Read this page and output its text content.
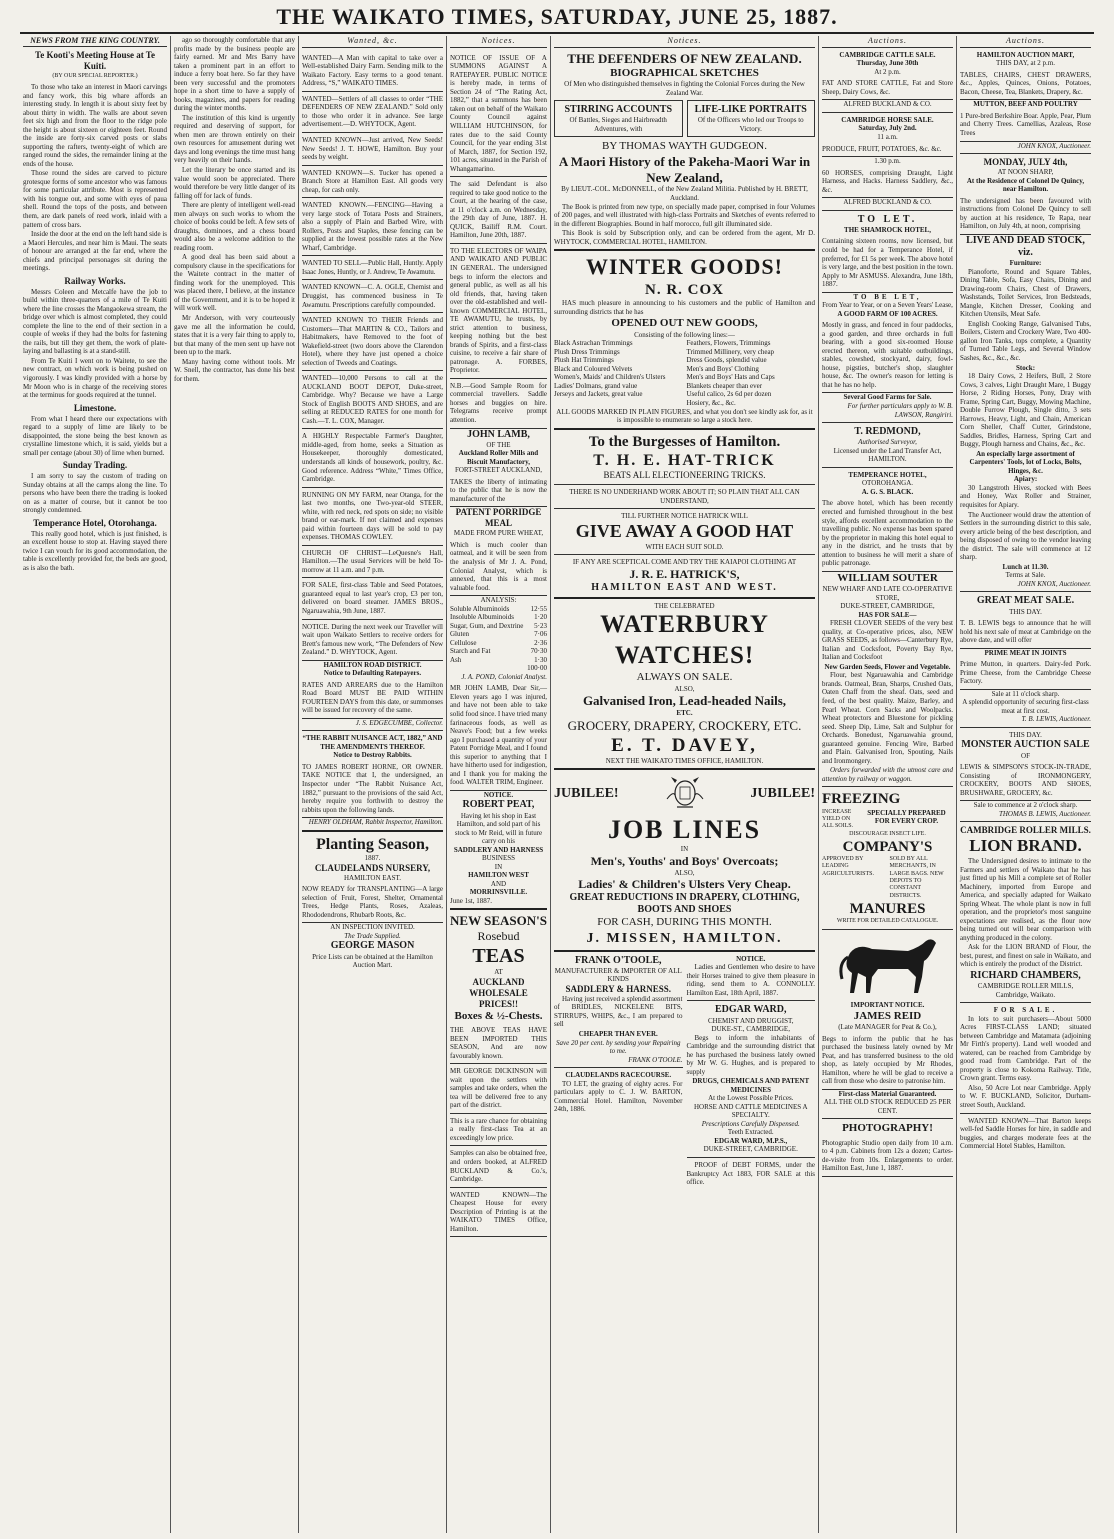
THE WAIKATO TIMES, SATURDAY, JUNE 25, 1887.
NEWS FROM THE KING COUNTRY.
Te Kooti's Meeting House at Te Kuiti.
(BY OUR SPECIAL REPORTER.)

To those who take an interest in Maori carvings and fancy work, this big whare affords an interesting study. In length it is about sixty feet by about thirty in width. The walls are about seven feet six high and from the floor to the ridge pole the height is about sixteen or eighteen feet. Round the inside are forty-six carved posts or slabs supporting the rafters, twenty-eight of which are ranged round the sides, the remainder lining at the ends of the house.

Those round the sides are carved to picture grotesque forms of some ancestor who was famous for some particular attribute. Most is represented with his tongue out, and some with eyes of paua shell. Round the tops of the posts, and between them, are dark panels of reed work, inlaid with a pattern of cross bars.

Inside the door at the end on the left hand side is a Maori Hercules, and near him is Maui. The seats of honour are arranged at the far end, where the chiefs and principal personages sit during the meetings.

Railway Works.

Messrs Coleen and Metcalfe have the job to build within three-quarters of a mile of Te Kuiti where the line crosses the Mangaokewa stream, the bridge over which is almost completed, they could complete the line to the end of their section in a couple of weeks if they had the bolts for fastening the rails, but till they get them, the work of plate-laying and ballasting is at a stand-still.

From Te Kuiti I went on to Waitete, to see the new contract, on which work is being pushed on vigorously. I was kindly provided with a horse by Mr Moon who is in charge of the receiving stores at the terminus for goods required at the tunnel.

Limestone.

From what I heard there our expectations with regard to a supply of lime are likely to be disappointed, the stone being the best known as crystalline limestone which, it is said, yields but a small per centage (about 30) of lime when burned.

Sunday Trading.

I am sorry to say the custom of trading on Sunday obtains at all the camps along the line. To persons who have been there the trading is looked on as a matter of course, but it cannot be too strongly condemned.

Temperance Hotel, Otorohanga.

This really good hotel, which is just finished, is an excellent house to stop at. Having stayed there twice I can vouch for its good accommodation, the table is excellently provided for, the beds are good, as is also the bath.

ago so thoroughly comfortable that any profits made by the business people are fairly earned. Mr and Mrs Barry have taken a prominent part in an effort to induce a ferry boat here. So far they have been very successful and the promoters hope in a short time to have a supply of books, magazines, and papers for reading during the winter months.

The institution of this kind is urgently required and deserving of support, for when men are thrown entirely on their own resources for amusement during wet days and long evenings the time must hang very heavily on their hands.

Let the literary be once started and its value would soon be appreciated. There would therefore be very little danger of its falling off for lack of funds.

There are plenty of intelligent well-read men always on such works to whom the choice of books could be left. A few sets of draughts, dominoes, and a chess board would also be a welcome addition to the reading room.

A good deal has been said about a compulsory clause in the specifications for the Waitete contract in the matter of finding work for the unemployed. This was placed there, I believe, at the instance of the Government, and it is to be hoped it will work well.

Mr Anderson, with very courteously gave me all the information he could, states that it is a very fair thing to apply to, but that many of the men sent up have not been up to the mark.

Many having come without tools. Mr W. Snell, the contractor, has done his best for them.

Wanted, &c.
WANTED—A Man with capital to take over a Well-established Dairy Farm. Sending milk to the Waikato Factory. Easy terms to a good tenant. Address, “S,” WAIKATO TIMES.
WANTED—Settlers of all classes to order “THE DEFENDERS OF NEW ZEALAND.” Sold only to those who order it in advance. See large advertisement.—D. WHYTOCK, Agent.
WANTED KNOWN—Just arrived, New Seeds! New Seeds! J. T. HOWE, Hamilton. Buy your seeds by weight.
WANTED KNOWN—S. Tucker has opened a Branch Store at Hamilton East. All goods very cheap, for cash only.
WANTED KNOWN.—FENCING—Having a very large stock of Totara Posts and Strainers, also a supply of Plain and Barbed Wire, with Rollers, Posts and Staples, these fencing can be supplied at the lowest possible rates at the New Wharf, Cambridge.
WANTED TO SELL—Public Hall, Huntly. Apply Isaac Jones, Huntly, or J. Andrew, Te Awamutu.
WANTED KNOWN—C. A. OGLE, Chemist and Druggist, has commenced business in Te Awamutu. Prescriptions carefully compounded.
WANTED KNOWN TO THEIR Friends and Customers—That MARTIN & CO., Tailors and Habitmakers, have Removed to the foot of Wakefield-street (two doors above the Clarendon Hotel), where they have just opened a choice selection of Tweeds and Coatings.
WANTED—10,000 Persons to call at the AUCKLAND BOOT DEPOT, Duke-street, Cambridge. Why? Because we have a Large Stock of English BOOTS AND SHOES, and are selling at REDUCED RATES for one month for Cash.—T. L. COX, Manager.
A HIGHLY Respectable Farmer's Daughter, middle-aged, from home, seeks a Situation as Housekeeper, thoroughly domesticated, understands all kinds of housework, poultry, &c. Good reference. Address “White,” Times Office, Cambridge.
RUNNING ON MY FARM, near Otanga, for the last two months, one Two-year-old STEER, white, with red neck, red spots on side; no visible brand or ear-mark. If not claimed and expenses paid within fourteen days will be sold to pay expenses. THOMAS COWLEY.
CHURCH OF CHRIST—LeQuesne's Hall, Hamilton.—The usual Services will be held To-morrow at 11 a.m. and 7 p.m.
FOR SALE, first-class Table and Seed Potatoes, guaranteed equal to last year's crop, £3 per ton, delivered on board steamer. JAMES BROS., Ngaruawahia, 9th June, 1887.
NOTICE. During the next week our Traveller will wait upon Waikato Settlers to receive orders for Brett's famous new work, “The Defenders of New Zealand.” D. WHYTOCK, Agent.
HAMILTON ROAD DISTRICT.
Notice to Defaulting Ratepayers.
RATES AND ARREARS due to the Hamilton Road Board MUST BE PAID WITHIN FOURTEEN DAYS from this date, or summonses will be issued for recovery of the same.
J. S. EDGECUMBE, Collector.
“THE RABBIT NUISANCE ACT, 1882,” AND THE AMENDMENTS THEREOF.
Notice to Destroy Rabbits.
TO JAMES ROBERT HORNE, OR OWNER. TAKE NOTICE that I, the undersigned, an Inspector under “The Rabbit Nuisance Act, 1882,” pursuant to the provisions of the said Act, hereby require you forthwith to destroy the rabbits upon the following lands.
HENRY OLDHAM, Rabbit Inspector, Hamilton.
Planting Season,
1887.
CLAUDELANDS NURSERY,
HAMILTON EAST.
NOW READY for TRANSPLANTING—A large selection of Fruit, Forest, Shelter, Ornamental Trees, Hedge Plants, Roses, Azaleas, Rhododendrons, Rhubarb Roots, &c.
AN INSPECTION INVITED.
The Trade Supplied.
GEORGE MASON
Price Lists can be obtained at the Hamilton Auction Mart.
Notices.
NOTICE OF ISSUE OF A SUMMONS AGAINST A RATEPAYER. PUBLIC NOTICE is hereby made, in terms of Section 24 of “The Rating Act, 1882,” that a summons has been taken out on behalf of the Waikato County Council against WILLIAM HUTCHINSON, for rates due to the said County Council, for the year ending 31st of March, 1887, for Section 192, 101 acres, situated in the Parish of Whangamarino.
The said Defendant is also required to take good notice to the Court, at the hearing of the case, at 11 o'clock a.m. on Wednesday, the 29th day of June, 1887. H. QUICK, Bailiff R.M. Court. Hamilton, June 20th, 1887.
TO THE ELECTORS OF WAIPA AND WAIKATO AND PUBLIC IN GENERAL. The undersigned begs to inform the electors and general public, as well as all his old friends, that, having taken over the old-established and well-known COMMERCIAL HOTEL, TE AWAMUTU, he trusts, by strict attention to business, keeping nothing but the best brands of Spirits, and a first-class cuisine, to receive a fair share of patronage. A. FORBES, Proprietor.
N.B.—Good Sample Room for commercial travellers. Saddle horses and buggies on hire. Telegrams receive prompt attention.
JOHN LAMB,
OF THE
Auckland Roller Mills and Biscuit Manufactory,
FORT-STREET AUCKLAND,
TAKES the liberty of intimating to the public that he is now the manufacturer of the
PATENT PORRIDGE MEAL
MADE FROM PURE WHEAT,
Which is much cooler than oatmeal, and it will be seen from the analysis of Mr J. A. Pond, Colonial Analyst, which is annexed, that this is a most valuable food.
ANALYSIS:
Soluble Albuminoids	12·55
Insoluble Albuminoids	1·20
Sugar, Gum, and Dextrine 5·23
Gluten	7·06
Cellulose	2·36
Starch and Fat	70·30
Ash	1·30
100·00
J. A. POND, Colonial Analyst.
MR JOHN LAMB, Dear Sir,—Eleven years ago I was injured, and have not been able to take solid food since. I have tried many farinaceous foods, as well as Neave's Food; but a few weeks ago I purchased a quantity of your Patent Porridge Meal, and I found this superior to anything that I have hitherto used for indigestion, and I thank you for making the food. WALTER TRIM, Engineer.
NOTICE.
ROBERT PEAT,
Having let his shop in East Hamilton, and sold part of his stock to Mr Reid, will in future carry on his
SADDLERY AND HARNESS
BUSINESS
IN
HAMILTON WEST
AND
MORRINSVILLE.
June 1st, 1887.
NEW SEASON'S
Rosebud
TEAS
AT
AUCKLAND WHOLESALE PRICES!!
Boxes & ½-Chests.
THE ABOVE TEAS HAVE BEEN IMPORTED THIS SEASON, And are now favourably known.
MR GEORGE DICKINSON will wait upon the settlers with samples and take orders, when the tea will be delivered free to any part of the district.
This is a rare chance for obtaining a really first-class Tea at an exceedingly low price.
Samples can also be obtained free, and orders booked, at ALFRED BUCKLAND & Co.'s, Cambridge.
WANTED KNOWN—The Cheapest House for every Description of Printing is at the WAIKATO TIMES Office, Hamilton.
Notices.
THE DEFENDERS OF NEW ZEALAND.
BIOGRAPHICAL SKETCHES
Of Men who distinguished themselves in fighting the Colonial Forces during the New Zealand War.
STIRRING ACCOUNTS
Of Battles, Sieges and Hairbreadth Adventures, with
LIFE-LIKE PORTRAITS
Of the Officers who led our Troops to Victory.
BY THOMAS WAYTH GUDGEON.
A Maori History of the Pakeha-Maori War in New Zealand,
By LIEUT.-COL. McDONNELL, of the New Zealand Militia. Published by H. BRETT, Auckland.
The Book is printed from new type, on specially made paper, comprised in four Volumes of 200 pages, and well illustrated with high-class Portraits and Sketches of events referred to in the different Biographies. Bound in half morocco, full gilt illuminated side.
This Book is sold by Subscription only, and can be ordered from the agent, Mr D. WHYTOCK, COMMERCIAL HOTEL, HAMILTON.
WINTER GOODS!
N. R. COX
HAS much pleasure in announcing to his customers and the public of Hamilton and surrounding districts that he has
OPENED OUT NEW GOODS,
Consisting of the following lines:—
Black Astrachan Trimmings
Plush Dress Trimmings
Plush Hat Trimmings
Black and Coloured Velvets
Women's, Maids' and Children's Ulsters
Ladies' Dolmans, grand value
Jerseys and Jackets, great value
Feathers, Flowers, Trimmings
Trimmed Millinery, very cheap
Dress Goods, splendid value
Men's and Boys' Clothing
Men's and Boys' Hats and Caps
Blankets cheaper than ever
Useful calico, 2s 6d per dozen
Hosiery, &c., &c.
ALL GOODS MARKED IN PLAIN FIGURES, and what you don't see kindly ask for, as it is impossible to enumerate so large a stock here.
To the Burgesses of Hamilton.
T. H. E. HAT-TRICK
BEATS ALL ELECTIONEERING TRICKS.
THERE IS NO UNDERHAND WORK ABOUT IT; SO PLAIN THAT ALL CAN UNDERSTAND,
TILL FURTHER NOTICE HATRICK WILL
GIVE AWAY A GOOD HAT
WITH EACH SUIT SOLD.
IF ANY ARE SCEPTICAL COME AND TRY THE KAIAPOI CLOTHING AT
J. R. E. HATRICK'S,
HAMILTON EAST AND WEST.
THE CELEBRATED
WATERBURY WATCHES!
ALWAYS ON SALE.
ALSO,
Galvanised Iron, Lead-headed Nails,
ETC.
GROCERY, DRAPERY, CROCKERY, ETC.
E. T. DAVEY,
NEXT THE WAIKATO TIMES OFFICE, HAMILTON.
JUBILEE!	JUBILEE!
JOB LINES
IN
Men's, Youths' and Boys' Overcoats;
ALSO,
Ladies' & Children's Ulsters Very Cheap.
GREAT REDUCTIONS IN DRAPERY, CLOTHING, BOOTS AND SHOES
FOR CASH, DURING THIS MONTH.
J. MISSEN, HAMILTON.
FRANK O'TOOLE,
MANUFACTURER & IMPORTER OF ALL KINDS
SADDLERY & HARNESS.
Having just received a splendid assortment of BRIDLES, NICKELENE BITS, STIRRUPS, WHIPS, &c., I am prepared to sell
CHEAPER THAN EVER.
Save 20 per cent. by sending your Repairing to me.
FRANK O'TOOLE.
CLAUDELANDS RACECOURSE.
TO LET, the grazing of eighty acres. For particulars apply to C. J. W. BARTON, Commercial Hotel. Hamilton, November 24th, 1886.
NOTICE.
Ladies and Gentlemen who desire to have their Horses trained to give them pleasure in riding, send them to A. CONNOLLY. Hamilton East, 18th April, 1887.
EDGAR WARD,
CHEMIST AND DRUGGIST,
DUKE-ST., CAMBRIDGE,
Begs to inform the inhabitants of Cambridge and the surrounding district that he has purchased the business lately owned by Mr W. G. Hughes, and is prepared to supply
DRUGS, CHEMICALS AND PATENT MEDICINES
At the Lowest Possible Prices.
HORSE AND CATTLE MEDICINES A SPECIALTY.
Prescriptions Carefully Dispensed.
Teeth Extracted.
EDGAR WARD, M.P.S.,
DUKE-STREET, CAMBRIDGE.
PROOF of DEBT FORMS, under the Bankruptcy Act 1883, FOR SALE at this office.
Auctions.
CAMBRIDGE CATTLE SALE.
Thursday, June 30th
At 2 p.m.
FAT AND STORE CATTLE, Fat and Store Sheep, Dairy Cows, &c.
ALFRED BUCKLAND & CO.
CAMBRIDGE HORSE SALE.
Saturday, July 2nd.
11 a.m.
PRODUCE, FRUIT, POTATOES, &c. &c.
1.30 p.m.
60 HORSES, comprising Draught, Light Harness, and Hacks. Harness Saddlery, &c., &c.
ALFRED BUCKLAND & CO.
TO LET.
THE SHAMROCK HOTEL,
Containing sixteen rooms, now licensed, but could be had for a Temperance Hotel, if preferred, for £1 5s per week. The above hotel is very large, and the best position in the town. Apply to Mr ASMUSS. Alexandra, June 18th, 1887.
TO BE LET,
From Year to Year, or on a Seven Years' Lease,
A GOOD FARM OF 100 ACRES.
Mostly in grass, and fenced in four paddocks, a good garden, and three orchards in full bearing, with a good six-roomed House erected thereon, with suitable outbuildings, stables, cowshed, stockyard, dairy, fowl-house, pigsties, butcher's shop, slaughter house, &c. The owner's reason for letting is that he has no help.
Several Good Farms for Sale.
For further particulars apply to W. B. LAWSON, Rangiriri.
T. REDMOND,
Authorised Surveyor,
Licensed under the Land Transfer Act, HAMILTON.
TEMPERANCE HOTEL,
OTOROHANGA.
A. G. S. BLACK.
The above hotel, which has been recently erected and furnished throughout in the best style, affords excellent accommodation to the travelling public. No expense has been spared by the proprietor in making this hotel equal to any in the district, and he trusts that by attention to business he will merit a share of public patronage.
WILLIAM SOUTER
NEW WHARF AND LATE CO-OPERATIVE STORE,
DUKE-STREET, CAMBRIDGE,
HAS FOR SALE—
FRESH CLOVER SEEDS of the very best quality, at Co-operative prices, also, NEW GRASS SEEDS, as follows—Canterbury Rye, Italian and Cocksfoot, Poverty Bay Rye, Italian and Cocksfoot
New Garden Seeds, Flower and Vegetable.
Flour, best Ngaruawahia and Cambridge brands. Oatmeal, Bran, Sharps, Crushed Oats, Oaten Chaff from the sheaf. Oats, seed and feed, of the best quality. Maize, Barley, and Pearl Wheat. Corn Sacks and Woolpacks. Wheat protectors and Bluestone for pickling seed. Sheep Dip, Lime, Salt and Sulphur for Orchards. Bonedust, Ngaruawahia ground, guaranteed genuine. Fencing Wire, Barbed and Plain. Galvanised Iron, Spouting, Nails and Ironmongery.
Orders forwarded with the utmost care and attention by railway or waggon.
FREEZING
INCREASE YIELD ON ALL SOILS.
SPECIALLY PREPARED FOR EVERY CROP.
DISCOURAGE INSECT LIFE.
COMPANY'S
APPROVED BY LEADING AGRICULTURISTS.
SOLD BY ALL MERCHANTS, IN LARGE BAGS. NEW DEPOTS TO CONSTANT DISTRICTS.
MANURES
WRITE FOR DETAILED CATALOGUE.
IMPORTANT NOTICE.
JAMES REID
(Late MANAGER for Peat & Co.),
Begs to inform the public that he has purchased the business lately owned by Mr Peat, and has transferred business to the old shop, as lately occupied by Mr Rhodes, Hamilton, where he will be glad to receive a call from those who desire to patronise him.
First-class Material Guaranteed.
ALL THE OLD STOCK REDUCED 25 PER CENT.
PHOTOGRAPHY!
Photographic Studio open daily from 10 a.m. to 4 p.m. Cabinets from 12s a dozen; Cartes-de-visite from 10s. Enlargements to order. Hamilton East, June 1, 1887.
Auctions.
HAMILTON AUCTION MART,
THIS DAY, at 2 p.m.
TABLES, CHAIRS, CHEST DRAWERS, &c., Apples, Quinces, Onions, Potatoes, Bacon, Cheese, Tea, Blankets, Drapery, &c.
MUTTON, BEEF AND POULTRY
1 Pure-bred Berkshire Boar. Apple, Pear, Plum and Cherry Trees. Camellias, Azaleas, Rose Trees
JOHN KNOX, Auctioneer.
MONDAY, JULY 4th,
AT NOON SHARP,
At the Residence of Colonel De Quincy, near Hamilton.
The undersigned has been favoured with instructions from Colonel De Quincy to sell by auction at his residence, Te Rapa, near Hamilton, on July 4th, at noon, comprising
LIVE AND DEAD STOCK, viz.
Furniture:
Pianoforte, Round and Square Tables, Dining Table, Sofa, Easy Chairs, Dining and Drawing-room Chairs, Chest of Drawers, Washstands, Toilet Services, Iron Bedsteads, Mangle, Kitchen Dresser, Cooking and Kitchen Utensils, Meat Safe.
English Cooking Range, Galvanised Tubs, Boilers, Cistern and Crockery Ware, Two 400-gallon Iron Tanks, tops complete, a Quantity of Turned Table Legs, and Several Window Sashes, &c., &c., &c.
Stock:
18 Dairy Cows, 2 Heifers, Bull, 2 Store Cows, 3 calves, Light Draught Mare, 1 Buggy Horse, 2 Riding Horses, Pony, Dray with Frame, Spring Cart, Buggy, Mowing Machine, Double Furrow Plough, Single ditto, 3 sets Harrows, Heavy, Light, and Chain, American Corn Sheller, Chaff Cutter, Grindstone, Saddles, Bridles, Harness, Spring Cart and Buggy, Plough harness and Chains, &c., &c.
An especially large assortment of Carpenters' Tools, lot of Locks, Bolts, Hinges, &c.
Apiary:
30 Langstroth Hives, stocked with Bees and Honey, Wax Roller and Strainer, requisites for Apiary.
The Auctioneer would draw the attention of Settlers in the surrounding district to this sale, every article being of the best description, and being disposed of owing to the vendor leaving the district. The sale will commence at 12 sharp.
Lunch at 11.30.
Terms at Sale.
JOHN KNOX, Auctioneer.
GREAT MEAT SALE.
THIS DAY.
T. B. LEWIS begs to announce that he will hold his next sale of meat at Cambridge on the above date, and will offer
PRIME MEAT IN JOINTS
Prime Mutton, in quarters. Dairy-fed Pork. Prime Cheese, from the Cambridge Cheese Factory.
Sale at 11 o'clock sharp.
A splendid opportunity of securing first-class meat at first cost.
T. B. LEWIS, Auctioneer.
THIS DAY.
MONSTER AUCTION SALE
OF
LEWIS & SIMPSON'S STOCK-IN-TRADE, Consisting of IRONMONGERY, CROCKERY, BOOTS AND SHOES, BRUSHWARE, GROCERY, &c.
Sale to commence at 2 o'clock sharp.
THOMAS B. LEWIS, Auctioneer.
CAMBRIDGE ROLLER MILLS.
LION BRAND.
The Undersigned desires to intimate to the Farmers and settlers of Waikato that he has just fitted up his Mill a complete set of Roller Machinery, imported from Europe and America, and specially adapted for Waikato Spring Wheat. The whole plant is now in full operation, and the proprietor's most sanguine expectations are realised, as the flour now being turned out will bear comparison with anything produced in the colony.
Ask for the LION BRAND of Flour, the best, purest, and finest on sale in Waikato, and which is entirely the product of the District.
RICHARD CHAMBERS,
CAMBRIDGE ROLLER MILLS,
Cambridge, Waikato.
FOR SALE.
In lots to suit purchasers—About 5000 Acres FIRST-CLASS LAND; situated between Cambridge and Matamata (adjoining Mr Firth's property). Land well wooded and watered, can be reached from Cambridge by good road from Cambridge. Part of the property is close to Kokoma Railway. Title, Crown grant. Terms easy.
Also, 50 Acre Lot near Cambridge. Apply to W. F. BUCKLAND, Solicitor, Durham-street South, Auckland.
WANTED KNOWN—That Barton keeps well-fed Saddle Horses for hire, in saddle and buggies, and charges moderate fees at the Commercial Hotel Stables, Hamilton.
